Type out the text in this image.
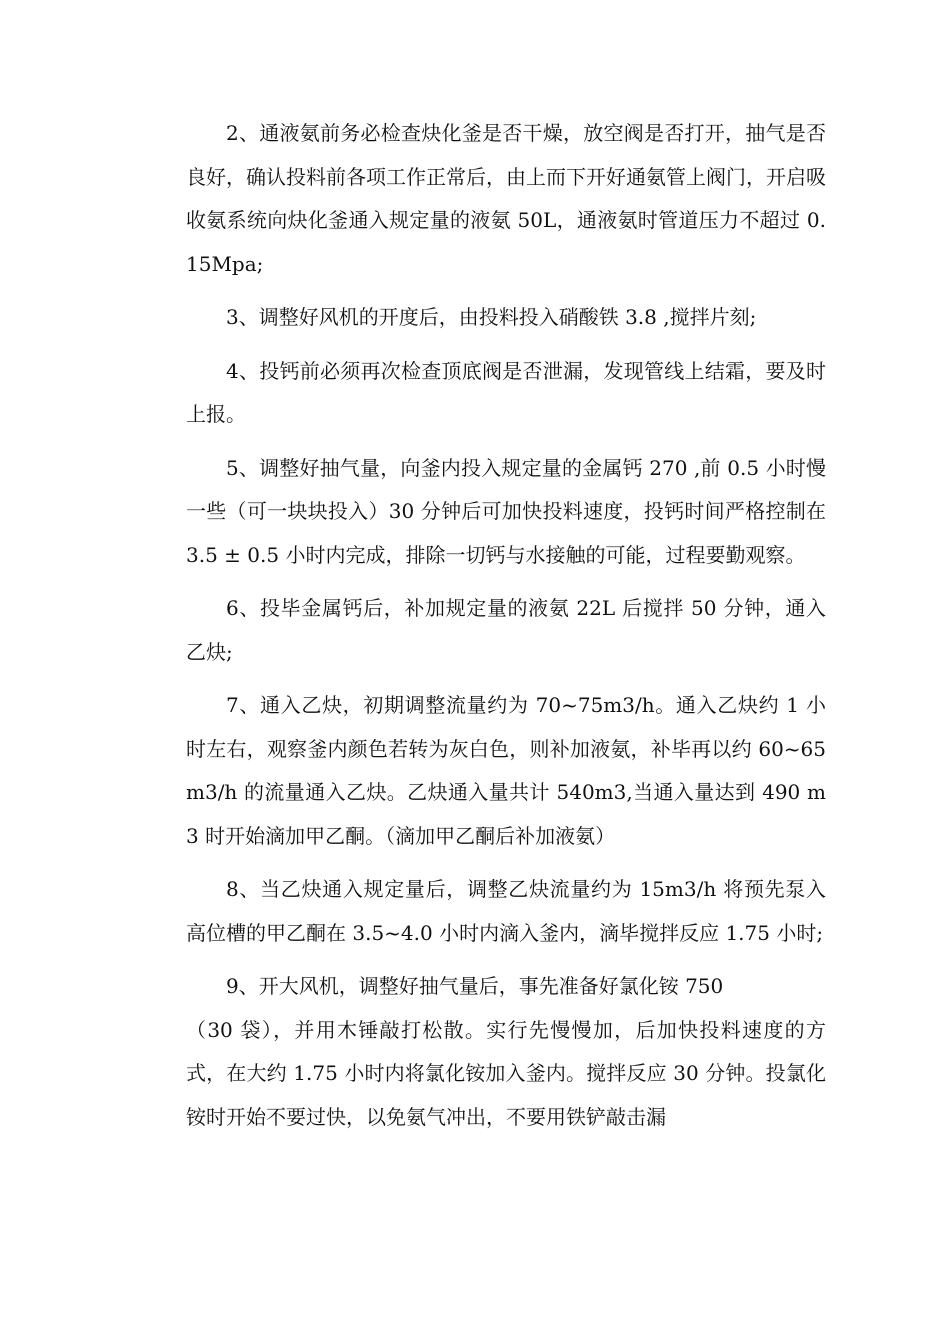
2、通液氨前务必检查炔化釜是否干燥，放空阀是否打开，抽气是否良好，确认投料前各项工作正常后，由上而下开好通氨管上阀门，开启吸收氨系统向炔化釜通入规定量的液氨 50L，通液氨时管道压力不超过 0.15Mpa;

3、调整好风机的开度后，由投料投入硝酸铁 3.8 ,搅拌片刻;

4、投钙前必须再次检查顶底阀是否泄漏，发现管线上结霜，要及时上报。

5、调整好抽气量，向釜内投入规定量的金属钙 270 ,前 0.5 小时慢一些（可一块块投入）30 分钟后可加快投料速度，投钙时间严格控制在 3.5 ± 0.5 小时内完成，排除一切钙与水接触的可能，过程要勤观察。

6、投毕金属钙后，补加规定量的液氨 22L 后搅拌 50 分钟，通入乙炔;

7、通入乙炔，初期调整流量约为 70~75m3/h。通入乙炔约 1 小时左右，观察釜内颜色若转为灰白色，则补加液氨，补毕再以约 60~65m3/h 的流量通入乙炔。乙炔通入量共计 540m3,当通入量达到 490 m3 时开始滴加甲乙酮。（滴加甲乙酮后补加液氨）

8、当乙炔通入规定量后，调整乙炔流量约为 15m3/h 将预先泵入高位槽的甲乙酮在 3.5~4.0 小时内滴入釜内，滴毕搅拌反应 1.75 小时;

9、开大风机，调整好抽气量后，事先准备好氯化铵 750

（30 袋），并用木锤敲打松散。实行先慢慢加，后加快投料速度的方式，在大约 1.75 小时内将氯化铵加入釜内。搅拌反应 30 分钟。投氯化铵时开始不要过快，以免氨气冲出，不要用铁铲敲击漏
